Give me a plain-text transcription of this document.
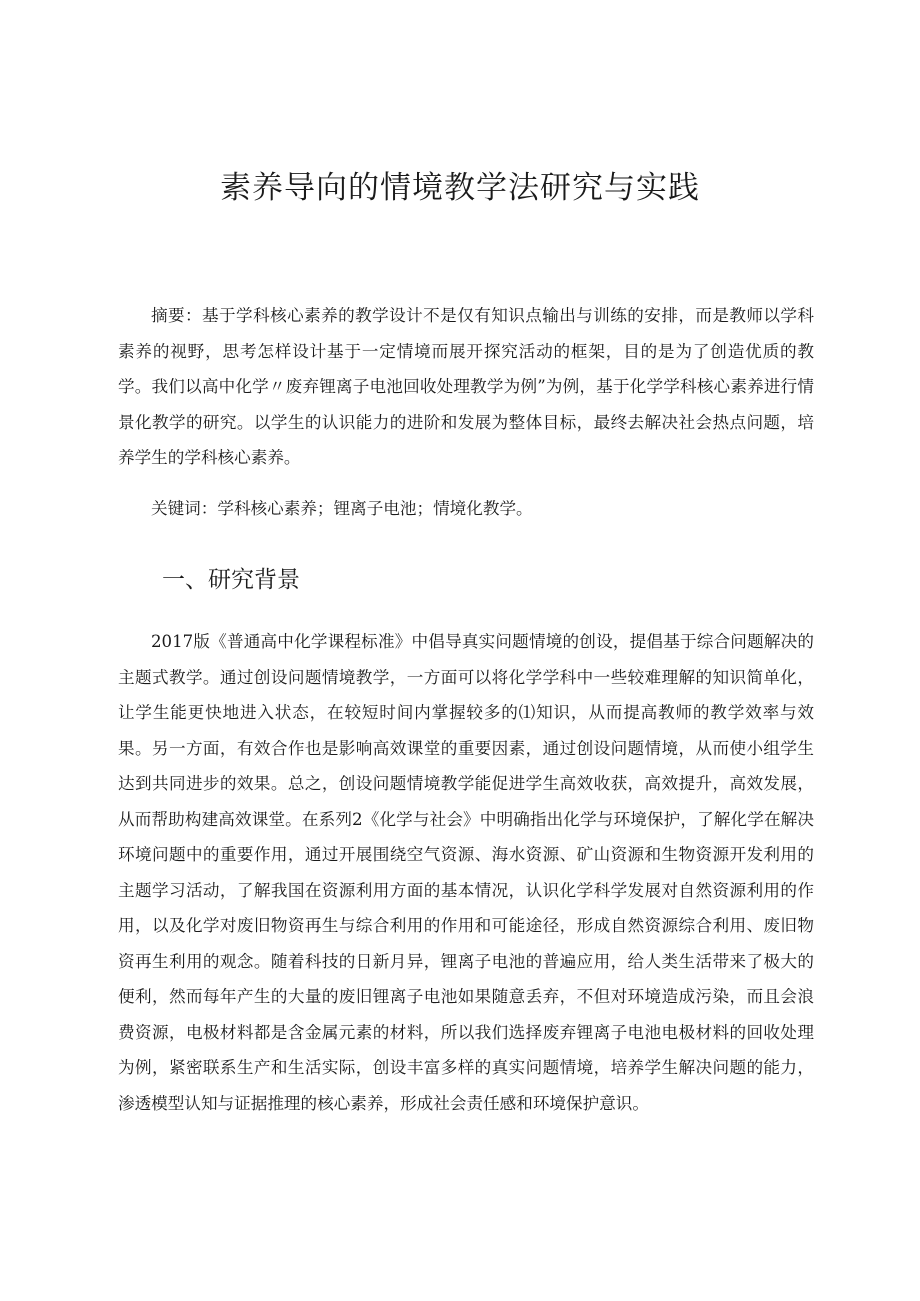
素养导向的情境教学法研究与实践

摘要：基于学科核心素养的教学设计不是仅有知识点输出与训练的安排，而是教师以学科素养的视野，思考怎样设计基于一定情境而展开探究活动的框架，目的是为了创造优质的教学。我们以高中化学〃废弃锂离子电池回收处理教学为例”为例，基于化学学科核心素养进行情景化教学的研究。以学生的认识能力的进阶和发展为整体目标，最终去解决社会热点问题，培养学生的学科核心素养。

关键词：学科核心素养；锂离子电池；情境化教学。

一、研究背景

2017版《普通高中化学课程标准》中倡导真实问题情境的创设，提倡基于综合问题解决的主题式教学。通过创设问题情境教学，一方面可以将化学学科中一些较难理解的知识简单化，让学生能更快地进入状态，在较短时间内掌握较多的⑴知识，从而提高教师的教学效率与效果。另一方面，有效合作也是影响高效课堂的重要因素，通过创设问题情境，从而使小组学生达到共同进步的效果。总之，创设问题情境教学能促进学生高效收获，高效提升，高效发展，从而帮助构建高效课堂。在系列2《化学与社会》中明确指出化学与环境保护，了解化学在解决环境问题中的重要作用，通过开展围绕空气资源、海水资源、矿山资源和生物资源开发利用的主题学习活动，了解我国在资源利用方面的基本情况，认识化学科学发展对自然资源利用的作用，以及化学对废旧物资再生与综合利用的作用和可能途径，形成自然资源综合利用、废旧物资再生利用的观念。随着科技的日新月异，锂离子电池的普遍应用，给人类生活带来了极大的便利，然而每年产生的大量的废旧锂离子电池如果随意丢弃，不但对环境造成污染，而且会浪费资源，电极材料都是含金属元素的材料，所以我们选择废弃锂离子电池电极材料的回收处理为例，紧密联系生产和生活实际，创设丰富多样的真实问题情境，培养学生解决问题的能力，渗透模型认知与证据推理的核心素养，形成社会责任感和环境保护意识。
